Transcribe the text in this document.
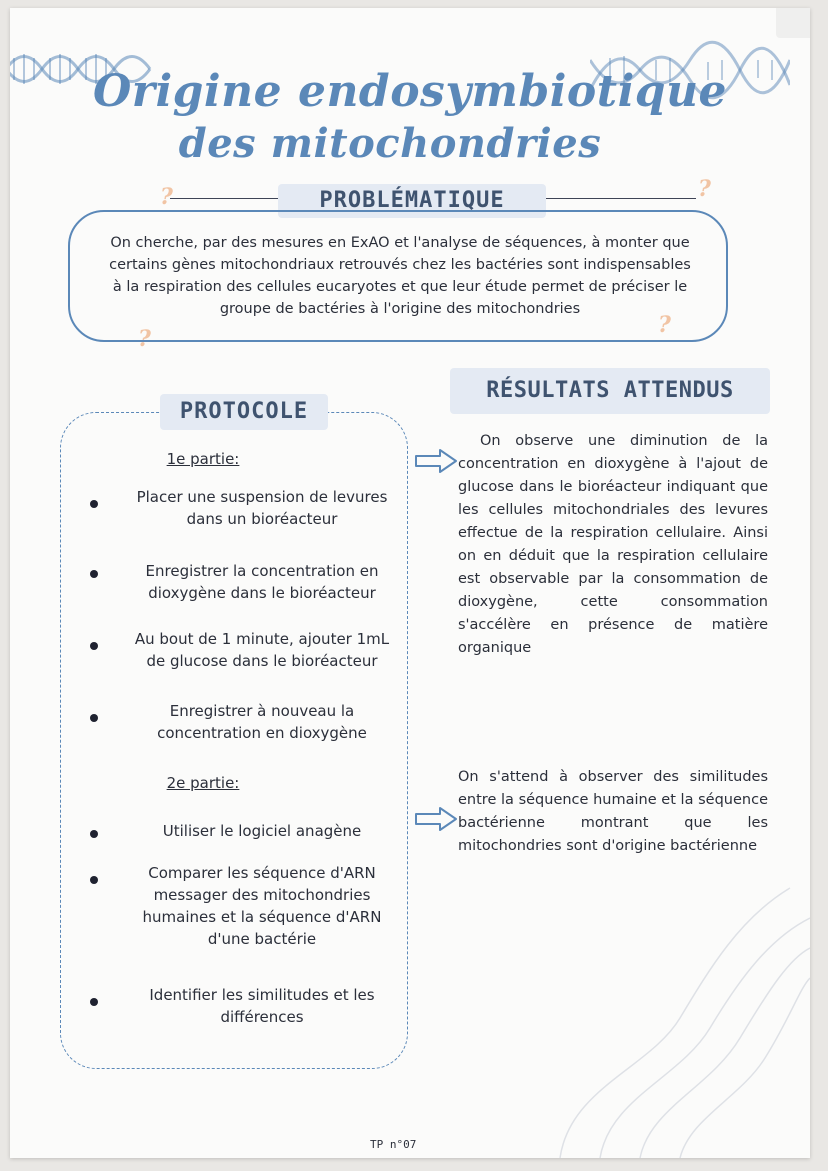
Origine endosymbiotique
des mitochondries
?	?
?
?
PROBLÉMATIQUE
On cherche, par des mesures en ExAO et l'analyse de séquences, à monter que
certains gènes mitochondriaux retrouvés chez les bactéries sont indispensables
à la respiration des cellules eucaryotes et que leur étude permet de préciser le
groupe de bactéries à l'origine des mitochondries
PROTOCOLE
1e partie:
Placer une suspension de levures
dans un bioréacteur
Enregistrer la concentration en
dioxygène dans le bioréacteur
Au bout de 1 minute, ajouter 1mL
de glucose dans le bioréacteur
Enregistrer à nouveau la
concentration en dioxygène
2e partie:
Utiliser le logiciel anagène
Comparer les séquence d'ARN
messager des mitochondries
humaines et la séquence d'ARN
d'une bactérie
Identifier les similitudes et les
différences
RÉSULTATS ATTENDUS
On observe une diminution de la concentration en dioxygène à l'ajout de glucose dans le bioréacteur indiquant que les cellules mitochondriales des levures effectue de la respiration cellulaire. Ainsi on en déduit que la respiration cellulaire est observable par la consommation de dioxygène, cette consommation s'accélère en présence de matière organique
On s'attend à observer des similitudes entre la séquence humaine et la séquence bactérienne montrant que les mitochondries sont d'origine bactérienne
TP n°07
